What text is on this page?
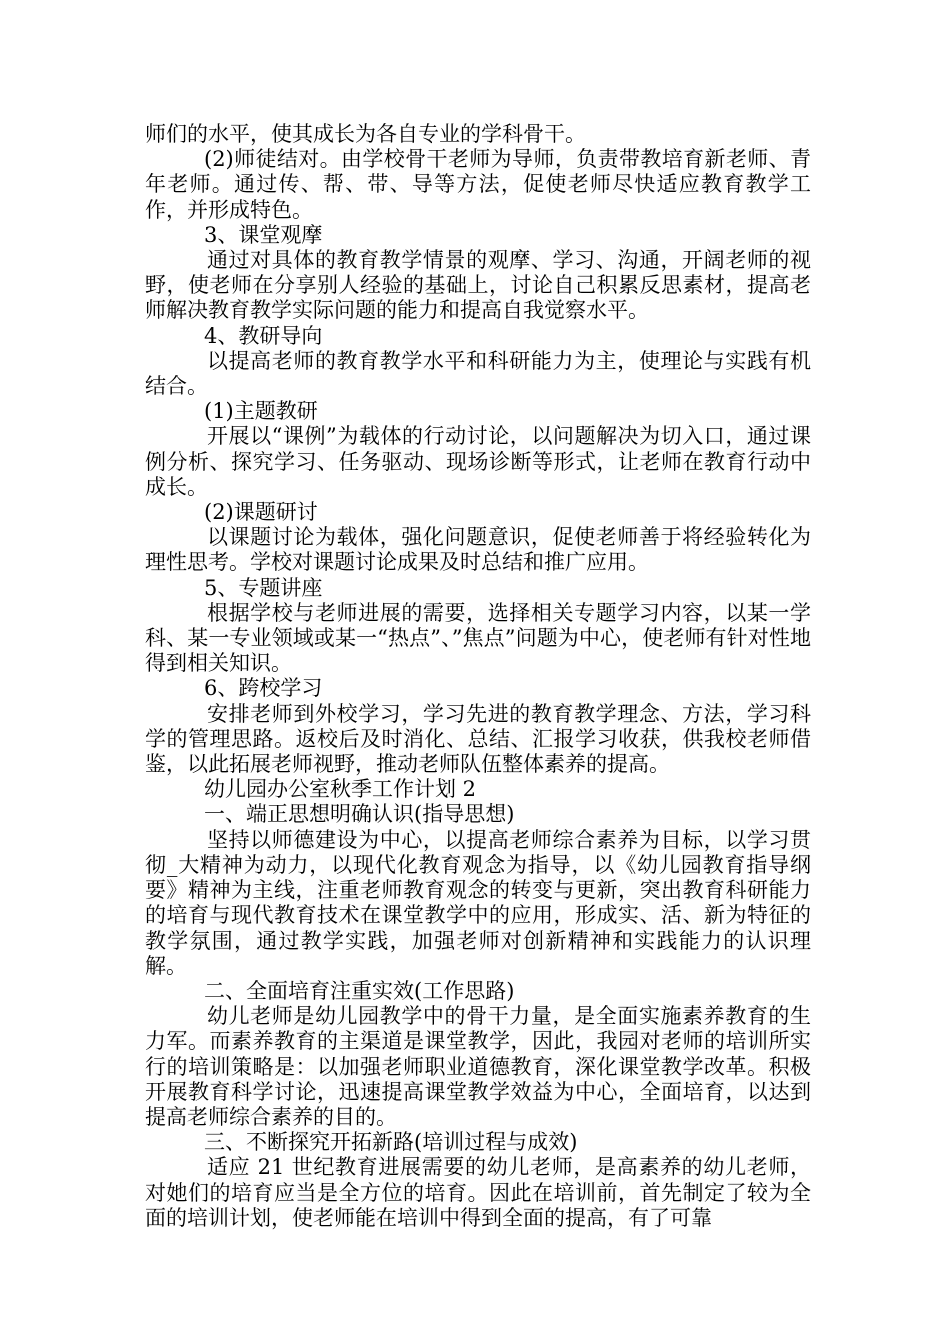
师们的水平，使其成长为各自专业的学科骨干。

(2)师徒结对。由学校骨干老师为导师，负责带教培育新老师、青年老师。通过传、帮、带、导等方法，促使老师尽快适应教育教学工作，并形成特色。

3、课堂观摩

通过对具体的教育教学情景的观摩、学习、沟通，开阔老师的视野，使老师在分享别人经验的基础上，讨论自己积累反思素材，提高老师解决教育教学实际问题的能力和提高自我觉察水平。

4、教研导向

以提高老师的教育教学水平和科研能力为主，使理论与实践有机结合。

(1)主题教研

开展以“课例”为载体的行动讨论，以问题解决为切入口，通过课例分析、探究学习、任务驱动、现场诊断等形式，让老师在教育行动中成长。

(2)课题研讨

以课题讨论为载体，强化问题意识，促使老师善于将经验转化为理性思考。学校对课题讨论成果及时总结和推广应用。

5、专题讲座

根据学校与老师进展的需要，选择相关专题学习内容，以某一学科、某一专业领域或某一“热点”、”焦点”问题为中心，使老师有针对性地得到相关知识。

6、跨校学习

安排老师到外校学习，学习先进的教育教学理念、方法，学习科学的管理思路。返校后及时消化、总结、汇报学习收获，供我校老师借鉴，以此拓展老师视野，推动老师队伍整体素养的提高。

幼儿园办公室秋季工作计划 2

一、端正思想明确认识(指导思想)

坚持以师德建设为中心，以提高老师综合素养为目标，以学习贯彻_大精神为动力，以现代化教育观念为指导，以《幼儿园教育指导纲要》精神为主线，注重老师教育观念的转变与更新，突出教育科研能力的培育与现代教育技术在课堂教学中的应用，形成实、活、新为特征的教学氛围，通过教学实践，加强老师对创新精神和实践能力的认识理解。

二、全面培育注重实效(工作思路)

幼儿老师是幼儿园教学中的骨干力量，是全面实施素养教育的生力军。而素养教育的主渠道是课堂教学，因此，我园对老师的培训所实行的培训策略是：以加强老师职业道德教育，深化课堂教学改革。积极开展教育科学讨论，迅速提高课堂教学效益为中心，全面培育，以达到提高老师综合素养的目的。

三、不断探究开拓新路(培训过程与成效)

适应 21 世纪教育进展需要的幼儿老师，是高素养的幼儿老师，对她们的培育应当是全方位的培育。因此在培训前，首先制定了较为全面的培训计划，使老师能在培训中得到全面的提高，有了可靠
